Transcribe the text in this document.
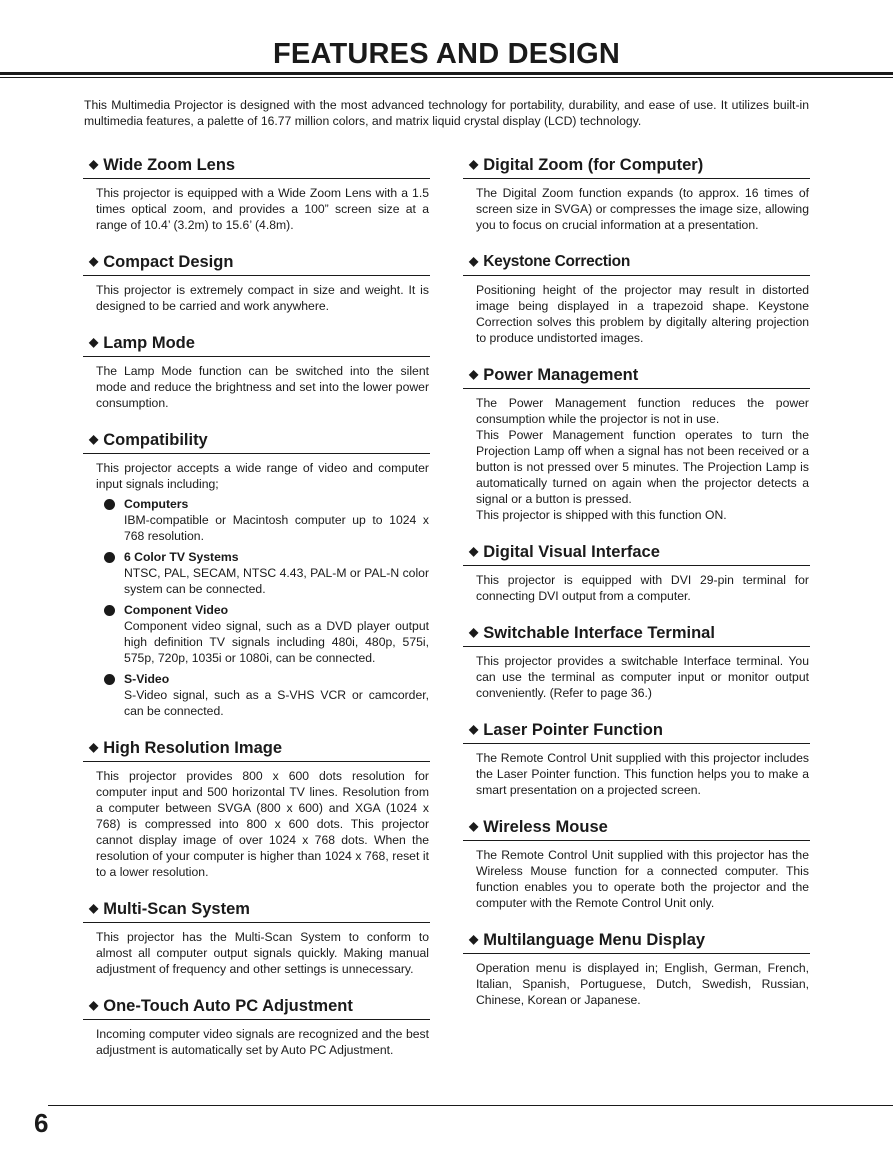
FEATURES AND DESIGN

This Multimedia Projector is designed with the most advanced technology for portability, durability, and ease of use. It utilizes built-in multimedia features, a palette of 16.77 million colors, and matrix liquid crystal display (LCD) technology.

◆ Wide Zoom Lens

This projector is equipped with a Wide Zoom Lens with a 1.5 times optical zoom, and provides a 100” screen size at a range of 10.4’ (3.2m) to 15.6’ (4.8m).

◆ Compact Design

This projector is extremely compact in size and weight. It is designed to be carried and work anywhere.

◆ Lamp Mode

The Lamp Mode function can be switched into the silent mode and reduce the brightness and set into the lower power consumption.

◆ Compatibility

This projector accepts a wide range of video and computer input signals including;

Computers
IBM-compatible or Macintosh computer up to 1024 x 768 resolution.
6 Color TV Systems
NTSC, PAL, SECAM, NTSC 4.43, PAL-M or PAL-N color system can be connected.
Component Video
Component video signal, such as a DVD player output high definition TV signals including 480i, 480p, 575i, 575p, 720p, 1035i or 1080i, can be connected.
S-Video
S-Video signal, such as a S-VHS VCR or camcorder, can be connected.
◆ High Resolution Image

This projector provides 800 x 600 dots resolution for computer input and 500 horizontal TV lines. Resolution from a computer between SVGA (800 x 600) and XGA (1024 x 768) is compressed into 800 x 600 dots. This projector cannot display image of over 1024 x 768 dots. When the resolution of your computer is higher than 1024 x 768, reset it to a lower resolution.

◆ Multi-Scan System

This projector has the Multi-Scan System to conform to almost all computer output signals quickly. Making manual adjustment of frequency and other settings is unnecessary.

◆ One-Touch Auto PC Adjustment

Incoming computer video signals are recognized and the best adjustment is automatically set by Auto PC Adjustment.

◆ Digital Zoom (for Computer)

The Digital Zoom function expands (to approx. 16 times of screen size in SVGA) or compresses the image size, allowing you to focus on crucial information at a presentation.

◆ Keystone Correction

Positioning height of the projector may result in distorted image being displayed in a trapezoid shape. Keystone Correction solves this problem by digitally altering projection to produce undistorted images.

◆ Power Management

The Power Management function reduces the power consumption while the projector is not in use.

This Power Management function operates to turn the Projection Lamp off when a signal has not been received or a button is not pressed over 5 minutes. The Projection Lamp is automatically turned on again when the projector detects a signal or a button is pressed.

This projector is shipped with this function ON.

◆ Digital Visual Interface

This projector is equipped with DVI 29-pin terminal for connecting DVI output from a computer.

◆ Switchable Interface Terminal

This projector provides a switchable Interface terminal. You can use the terminal as computer input or monitor output conveniently. (Refer to page 36.)

◆ Laser Pointer Function

The Remote Control Unit supplied with this projector includes the Laser Pointer function. This function helps you to make a smart presentation on a projected screen.

◆ Wireless Mouse

The Remote Control Unit supplied with this projector has the Wireless Mouse function for a connected computer. This function enables you to operate both the projector and the computer with the Remote Control Unit only.

◆ Multilanguage Menu Display

Operation menu is displayed in; English, German, French, Italian, Spanish, Portuguese, Dutch, Swedish, Russian, Chinese, Korean or Japanese.

6
